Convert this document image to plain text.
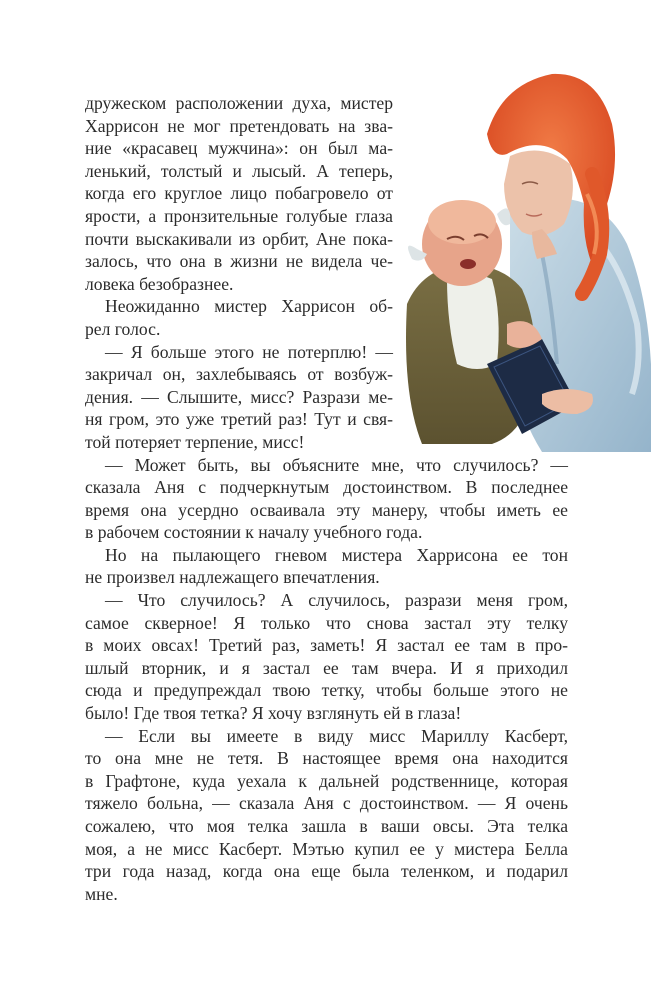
дружеском расположении духа, мистер
Харрисон не мог претендовать на зва-
ние «красавец мужчина»: он был ма-
ленький, толстый и лысый. А теперь,
когда его круглое лицо побагровело от
ярости, а пронзительные голубые глаза
почти выскакивали из орбит, Ане пока-
залось, что она в жизни не видела че-
ловека безобразнее.
Неожиданно мистер Харрисон об-
рел голос.
— Я больше этого не потерплю! —
закричал он, захлебываясь от возбуж-
дения. — Слышите, мисс? Разрази ме-
ня гром, это уже третий раз! Тут и свя-
той потеряет терпение, мисс!
— Может быть, вы объясните мне, что случилось? —
сказала Аня с подчеркнутым достоинством. В последнее
время она усердно осваивала эту манеру, чтобы иметь ее
в рабочем состоянии к началу учебного года.
Но на пылающего гневом мистера Харрисона ее тон
не произвел надлежащего впечатления.
— Что случилось? А случилось, разрази меня гром,
самое скверное! Я только что снова застал эту телку
в моих овсах! Третий раз, заметь! Я застал ее там в про-
шлый вторник, и я застал ее там вчера. И я приходил
сюда и предупреждал твою тетку, чтобы больше этого не
было! Где твоя тетка? Я хочу взглянуть ей в глаза!
— Если вы имеете в виду мисс Мариллу Касберт,
то она мне не тетя. В настоящее время она находится
в Графтоне, куда уехала к дальней родственнице, которая
тяжело больна, — сказала Аня с достоинством. — Я очень
сожалею, что моя телка зашла в ваши овсы. Эта телка
моя, а не мисс Касберт. Мэтью купил ее у мистера Белла
три года назад, когда она еще была теленком, и подарил
мне.
